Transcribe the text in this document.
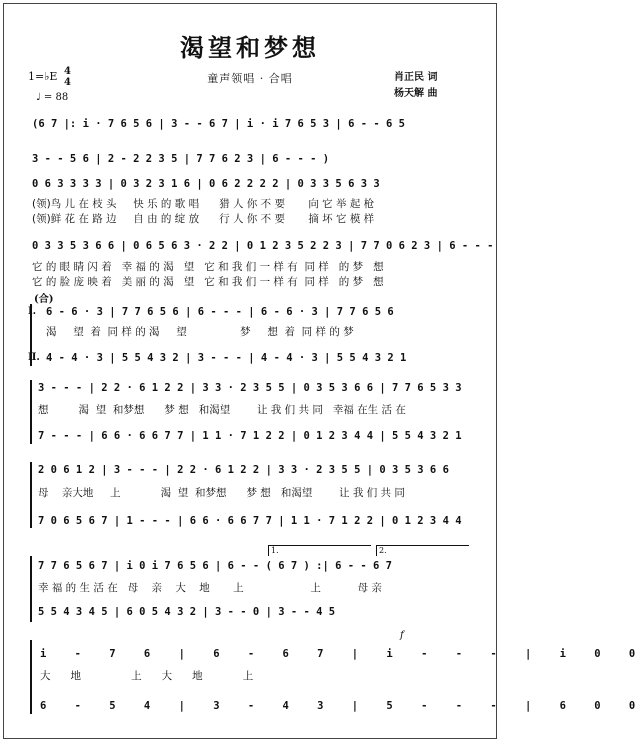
渴望和梦想
童声领唱 · 合唱
1=♭E 4
4
♩ = 88
肖正民 词
杨天解 曲
(6 7 |: i · 7 6 5 6 | 3 - - 6 7 | i · i 7 6 5 3 | 6 - - 6 5
3 - - 5 6 | 2 - 2 2 3 5 | 7 7 6 2 3 | 6 - - - )
0 6 3 3 3 3 | 0 3 2 3 1 6 | 0 6 2 2 2 2 | 0 3 3 5 6 3 3
(领)鸟 儿 在 枝 头     快 乐 的 歌 唱      猎 人 你 不 要       向 它 举 起 枪
(领)鲜 花 在 路 边     自 由 的 绽 放      行 人 你 不 要       摘 坏 它 模 样
0 3 3 5 3 6 6 | 0 6 5 6 3 · 2 2 | 0 1 2 3 5 2 2 3 | 7 7 0 6 2 3 | 6 - - -
它 的 眼 睛 闪 着   幸 福 的 渴   望   它 和 我 们 一 样 有  同 样   的 梦   想
它 的 脸 庞 映 着   美 丽 的 渴   望   它 和 我 们 一 样 有  同 样   的 梦   想
(合)
Ⅰ.
Ⅱ.
6 - 6 · 3 | 7 7 6 5 6 | 6 - - - | 6 - 6 · 3 | 7 7 6 5 6
渴     望  着  同 样 的 渴     望                梦     想  着  同 样 的 梦
4 - 4 · 3 | 5 5 4 3 2 | 3 - - - | 4 - 4 · 3 | 5 5 4 3 2 1
3 - - - | 2 2 · 6 1 2 2 | 3 3 · 2 3 5 5 | 0 3 5 3 6 6 | 7 7 6 5 3 3
想         渴  望  和梦想      梦 想   和渴望        让 我 们 共 同   幸福 在生 活 在
7 - - - | 6 6 · 6 6 7 7 | 1 1 · 7 1 2 2 | 0 1 2 3 4 4 | 5 5 4 3 2 1
2 0 6 1 2 | 3 - - - | 2 2 · 6 1 2 2 | 3 3 · 2 3 5 5 | 0 3 5 3 6 6
母    亲大地     上            渴  望  和梦想      梦 想   和渴望        让 我 们 共 同
7 0 6 5 6 7 | 1 - - - | 6 6 · 6 6 7 7 | 1 1 · 7 1 2 2 | 0 1 2 3 4 4
1.	2.
7 7 6 5 6 7 | i 0 i 7 6 5 6 | 6 - - ( 6 7 ) :| 6 - - 6 7
幸 福 的 生 活 在   母    亲    大    地       上                    上           母 亲
5 5 4 3 4 5 | 6 0 5 4 3 2 | 3 - - 0 | 3 - - 4 5
f
i - 7 6 | 6 - 6 7 | i - - - | i 0 0
大      地               上      大      地            上
6 - 5 4 | 3 - 4 3 | 5 - - - | 6 0 0
